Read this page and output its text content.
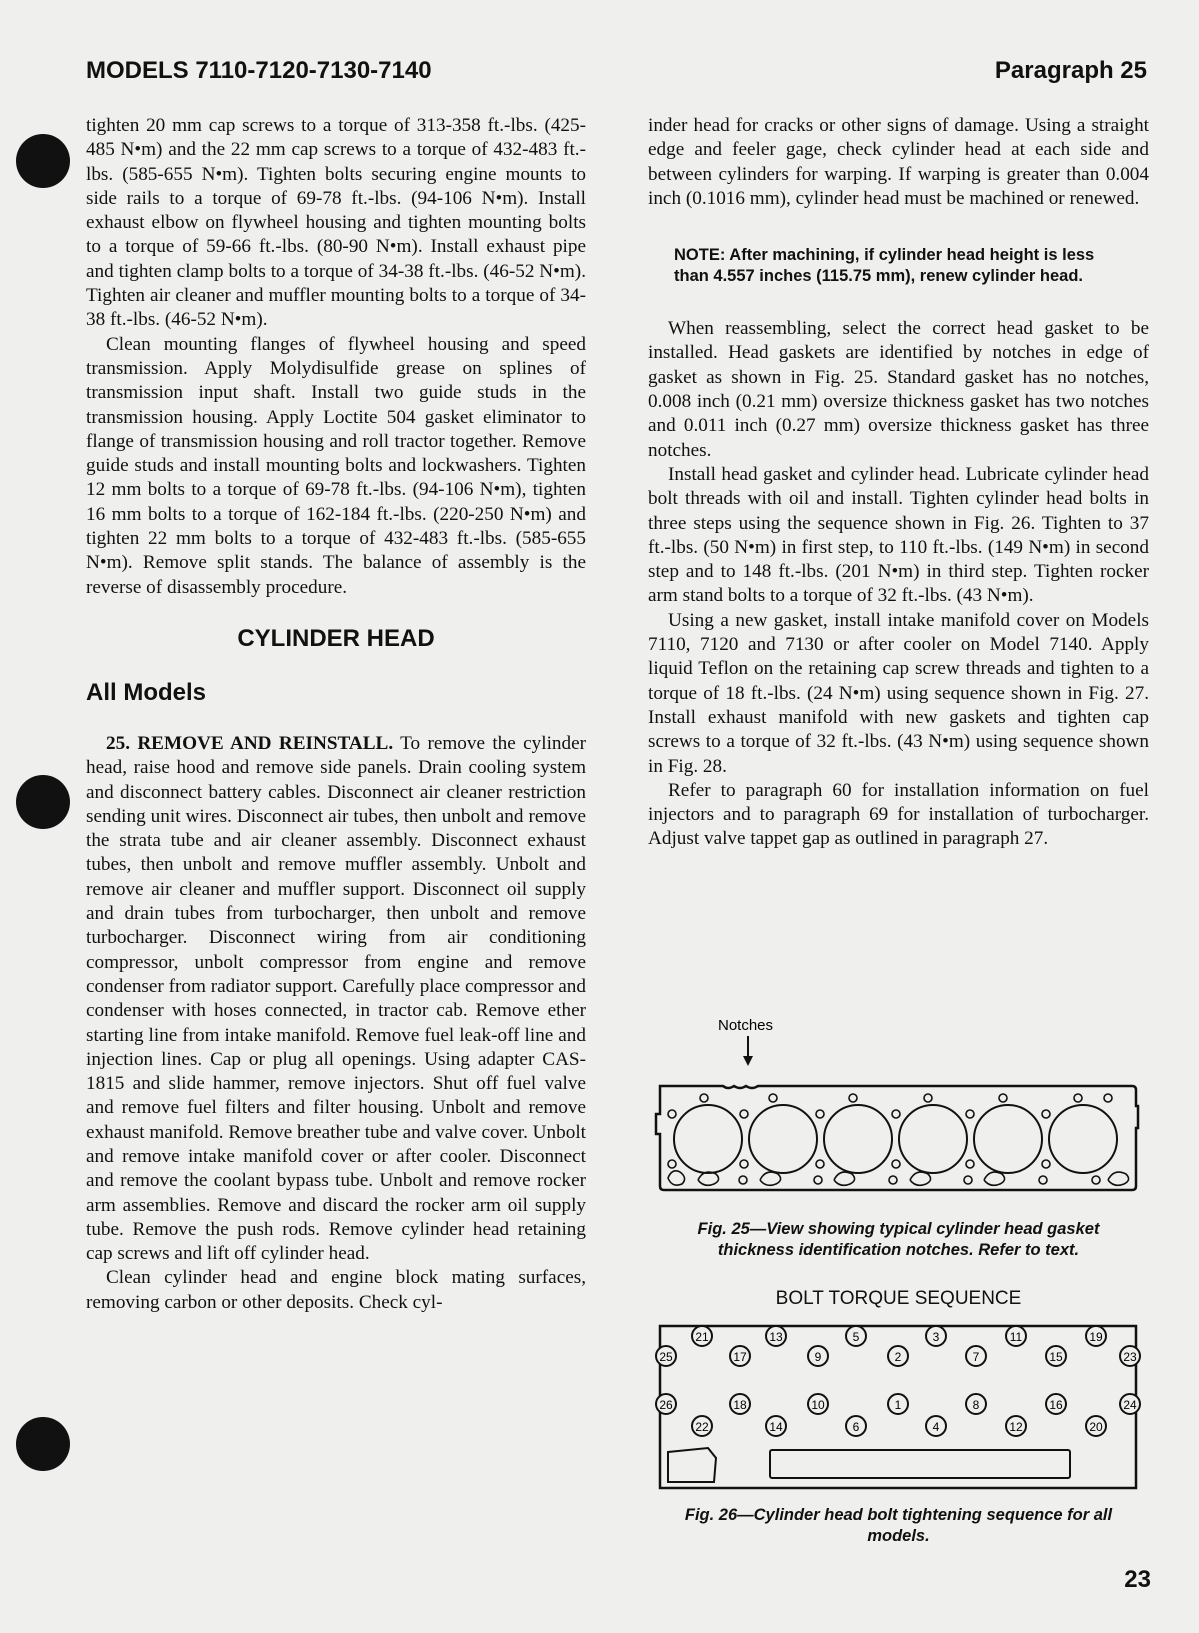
MODELS 7110-7120-7130-7140	Paragraph 25

tighten 20 mm cap screws to a torque of 313-358 ft.-lbs. (425-485 N•m) and the 22 mm cap screws to a torque of 432-483 ft.-lbs. (585-655 N•m). Tighten bolts securing engine mounts to side rails to a torque of 69-78 ft.-lbs. (94-106 N•m). Install exhaust elbow on flywheel housing and tighten mounting bolts to a torque of 59-66 ft.-lbs. (80-90 N•m). Install exhaust pipe and tighten clamp bolts to a torque of 34-38 ft.-lbs. (46-52 N•m). Tighten air cleaner and muffler mounting bolts to a torque of 34-38 ft.-lbs. (46-52 N•m).

Clean mounting flanges of flywheel housing and speed transmission. Apply Molydisulfide grease on splines of transmission input shaft. Install two guide studs in the transmission housing. Apply Loctite 504 gasket eliminator to flange of transmission housing and roll tractor together. Remove guide studs and install mounting bolts and lockwashers. Tighten 12 mm bolts to a torque of 69-78 ft.-lbs. (94-106 N•m), tighten 16 mm bolts to a torque of 162-184 ft.-lbs. (220-250 N•m) and tighten 22 mm bolts to a torque of 432-483 ft.-lbs. (585-655 N•m). Remove split stands. The balance of assembly is the reverse of disassembly procedure.

CYLINDER HEAD
All Models

25. REMOVE AND REINSTALL. To remove the cylinder head, raise hood and remove side panels. Drain cooling system and disconnect battery cables. Disconnect air cleaner restriction sending unit wires. Disconnect air tubes, then unbolt and remove the strata tube and air cleaner assembly. Disconnect exhaust tubes, then unbolt and remove muffler assembly. Unbolt and remove air cleaner and muffler support. Disconnect oil supply and drain tubes from turbocharger, then unbolt and remove turbocharger. Disconnect wiring from air conditioning compressor, unbolt compressor from engine and remove condenser from radiator support. Carefully place compressor and condenser with hoses connected, in tractor cab. Remove ether starting line from intake manifold. Remove fuel leak-off line and injection lines. Cap or plug all openings. Using adapter CAS-1815 and slide hammer, remove injectors. Shut off fuel valve and remove fuel filters and filter housing. Unbolt and remove exhaust manifold. Remove breather tube and valve cover. Unbolt and remove intake manifold cover or after cooler. Disconnect and remove the coolant bypass tube. Unbolt and remove rocker arm assemblies. Remove and discard the rocker arm oil supply tube. Remove the push rods. Remove cylinder head retaining cap screws and lift off cylinder head.

Clean cylinder head and engine block mating surfaces, removing carbon or other deposits. Check cyl-

inder head for cracks or other signs of damage. Using a straight edge and feeler gage, check cylinder head at each side and between cylinders for warping. If warping is greater than 0.004 inch (0.1016 mm), cylinder head must be machined or renewed.

NOTE: After machining, if cylinder head height is less than 4.557 inches (115.75 mm), renew cylinder head.

When reassembling, select the correct head gasket to be installed. Head gaskets are identified by notches in edge of gasket as shown in Fig. 25. Standard gasket has no notches, 0.008 inch (0.21 mm) oversize thickness gasket has two notches and 0.011 inch (0.27 mm) oversize thickness gasket has three notches.

Install head gasket and cylinder head. Lubricate cylinder head bolt threads with oil and install. Tighten cylinder head bolts in three steps using the sequence shown in Fig. 26. Tighten to 37 ft.-lbs. (50 N•m) in first step, to 110 ft.-lbs. (149 N•m) in second step and to 148 ft.-lbs. (201 N•m) in third step. Tighten rocker arm stand bolts to a torque of 32 ft.-lbs. (43 N•m).

Using a new gasket, install intake manifold cover on Models 7110, 7120 and 7130 or after cooler on Model 7140. Apply liquid Teflon on the retaining cap screw threads and tighten to a torque of 18 ft.-lbs. (24 N•m) using sequence shown in Fig. 27. Install exhaust manifold with new gaskets and tighten cap screws to a torque of 32 ft.-lbs. (43 N•m) using sequence shown in Fig. 28.

Refer to paragraph 60 for installation information on fuel injectors and to paragraph 69 for installation of turbocharger. Adjust valve tappet gap as outlined in paragraph 27.

Notches
Fig. 25—View showing typical cylinder head gasket thickness identification notches. Refer to text.
BOLT TORQUE SEQUENCE
1
2
3
4
5
6
7
8
9
10
11
12
13
14
15
16
17
18
19
20
21
22
23
24
25
26
Fig. 26—Cylinder head bolt tightening sequence for all models.
23
